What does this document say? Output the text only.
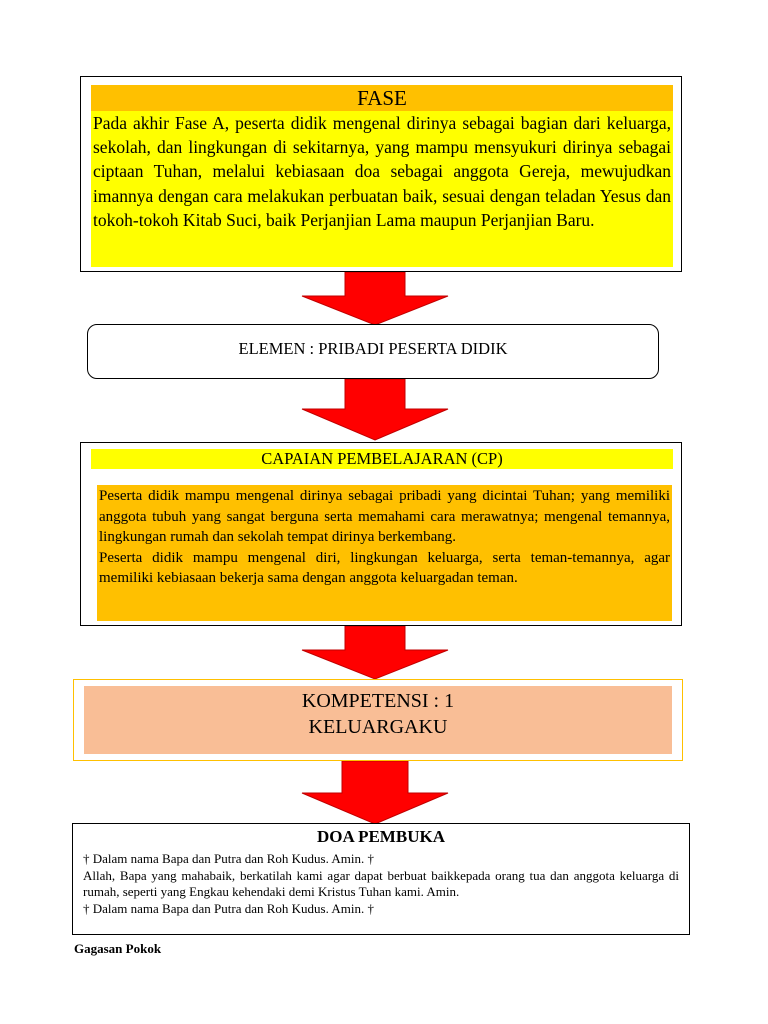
FASE
Pada akhir Fase A, peserta didik mengenal dirinya sebagai bagian dari keluarga, sekolah, dan lingkungan di sekitarnya, yang mampu mensyukuri dirinya sebagai ciptaan Tuhan, melalui kebiasaan doa sebagai anggota Gereja, mewujudkan imannya dengan cara melakukan perbuatan baik, sesuai dengan teladan Yesus dan tokoh-tokoh Kitab Suci, baik Perjanjian Lama maupun Perjanjian Baru.
ELEMEN : PRIBADI PESERTA DIDIK
CAPAIAN PEMBELAJARAN (CP)

Peserta didik mampu mengenal dirinya sebagai pribadi yang dicintai Tuhan; yang memiliki anggota tubuh yang sangat berguna serta memahami cara merawatnya; mengenal temannya, lingkungan rumah dan sekolah tempat dirinya berkembang.

Peserta didik mampu mengenal diri, lingkungan keluarga, serta teman-temannya, agar memiliki kebiasaan bekerja sama dengan anggota keluargadan teman.

KOMPETENSI : 1
KELUARGAKU
DOA PEMBUKA

† Dalam nama Bapa dan Putra dan Roh Kudus. Amin. †

Allah, Bapa yang mahabaik, berkatilah kami agar dapat berbuat baikkepada orang tua dan anggota keluarga di rumah, seperti yang Engkau kehendaki demi Kristus Tuhan kami. Amin.

† Dalam nama Bapa dan Putra dan Roh Kudus. Amin. †

Gagasan Pokok
